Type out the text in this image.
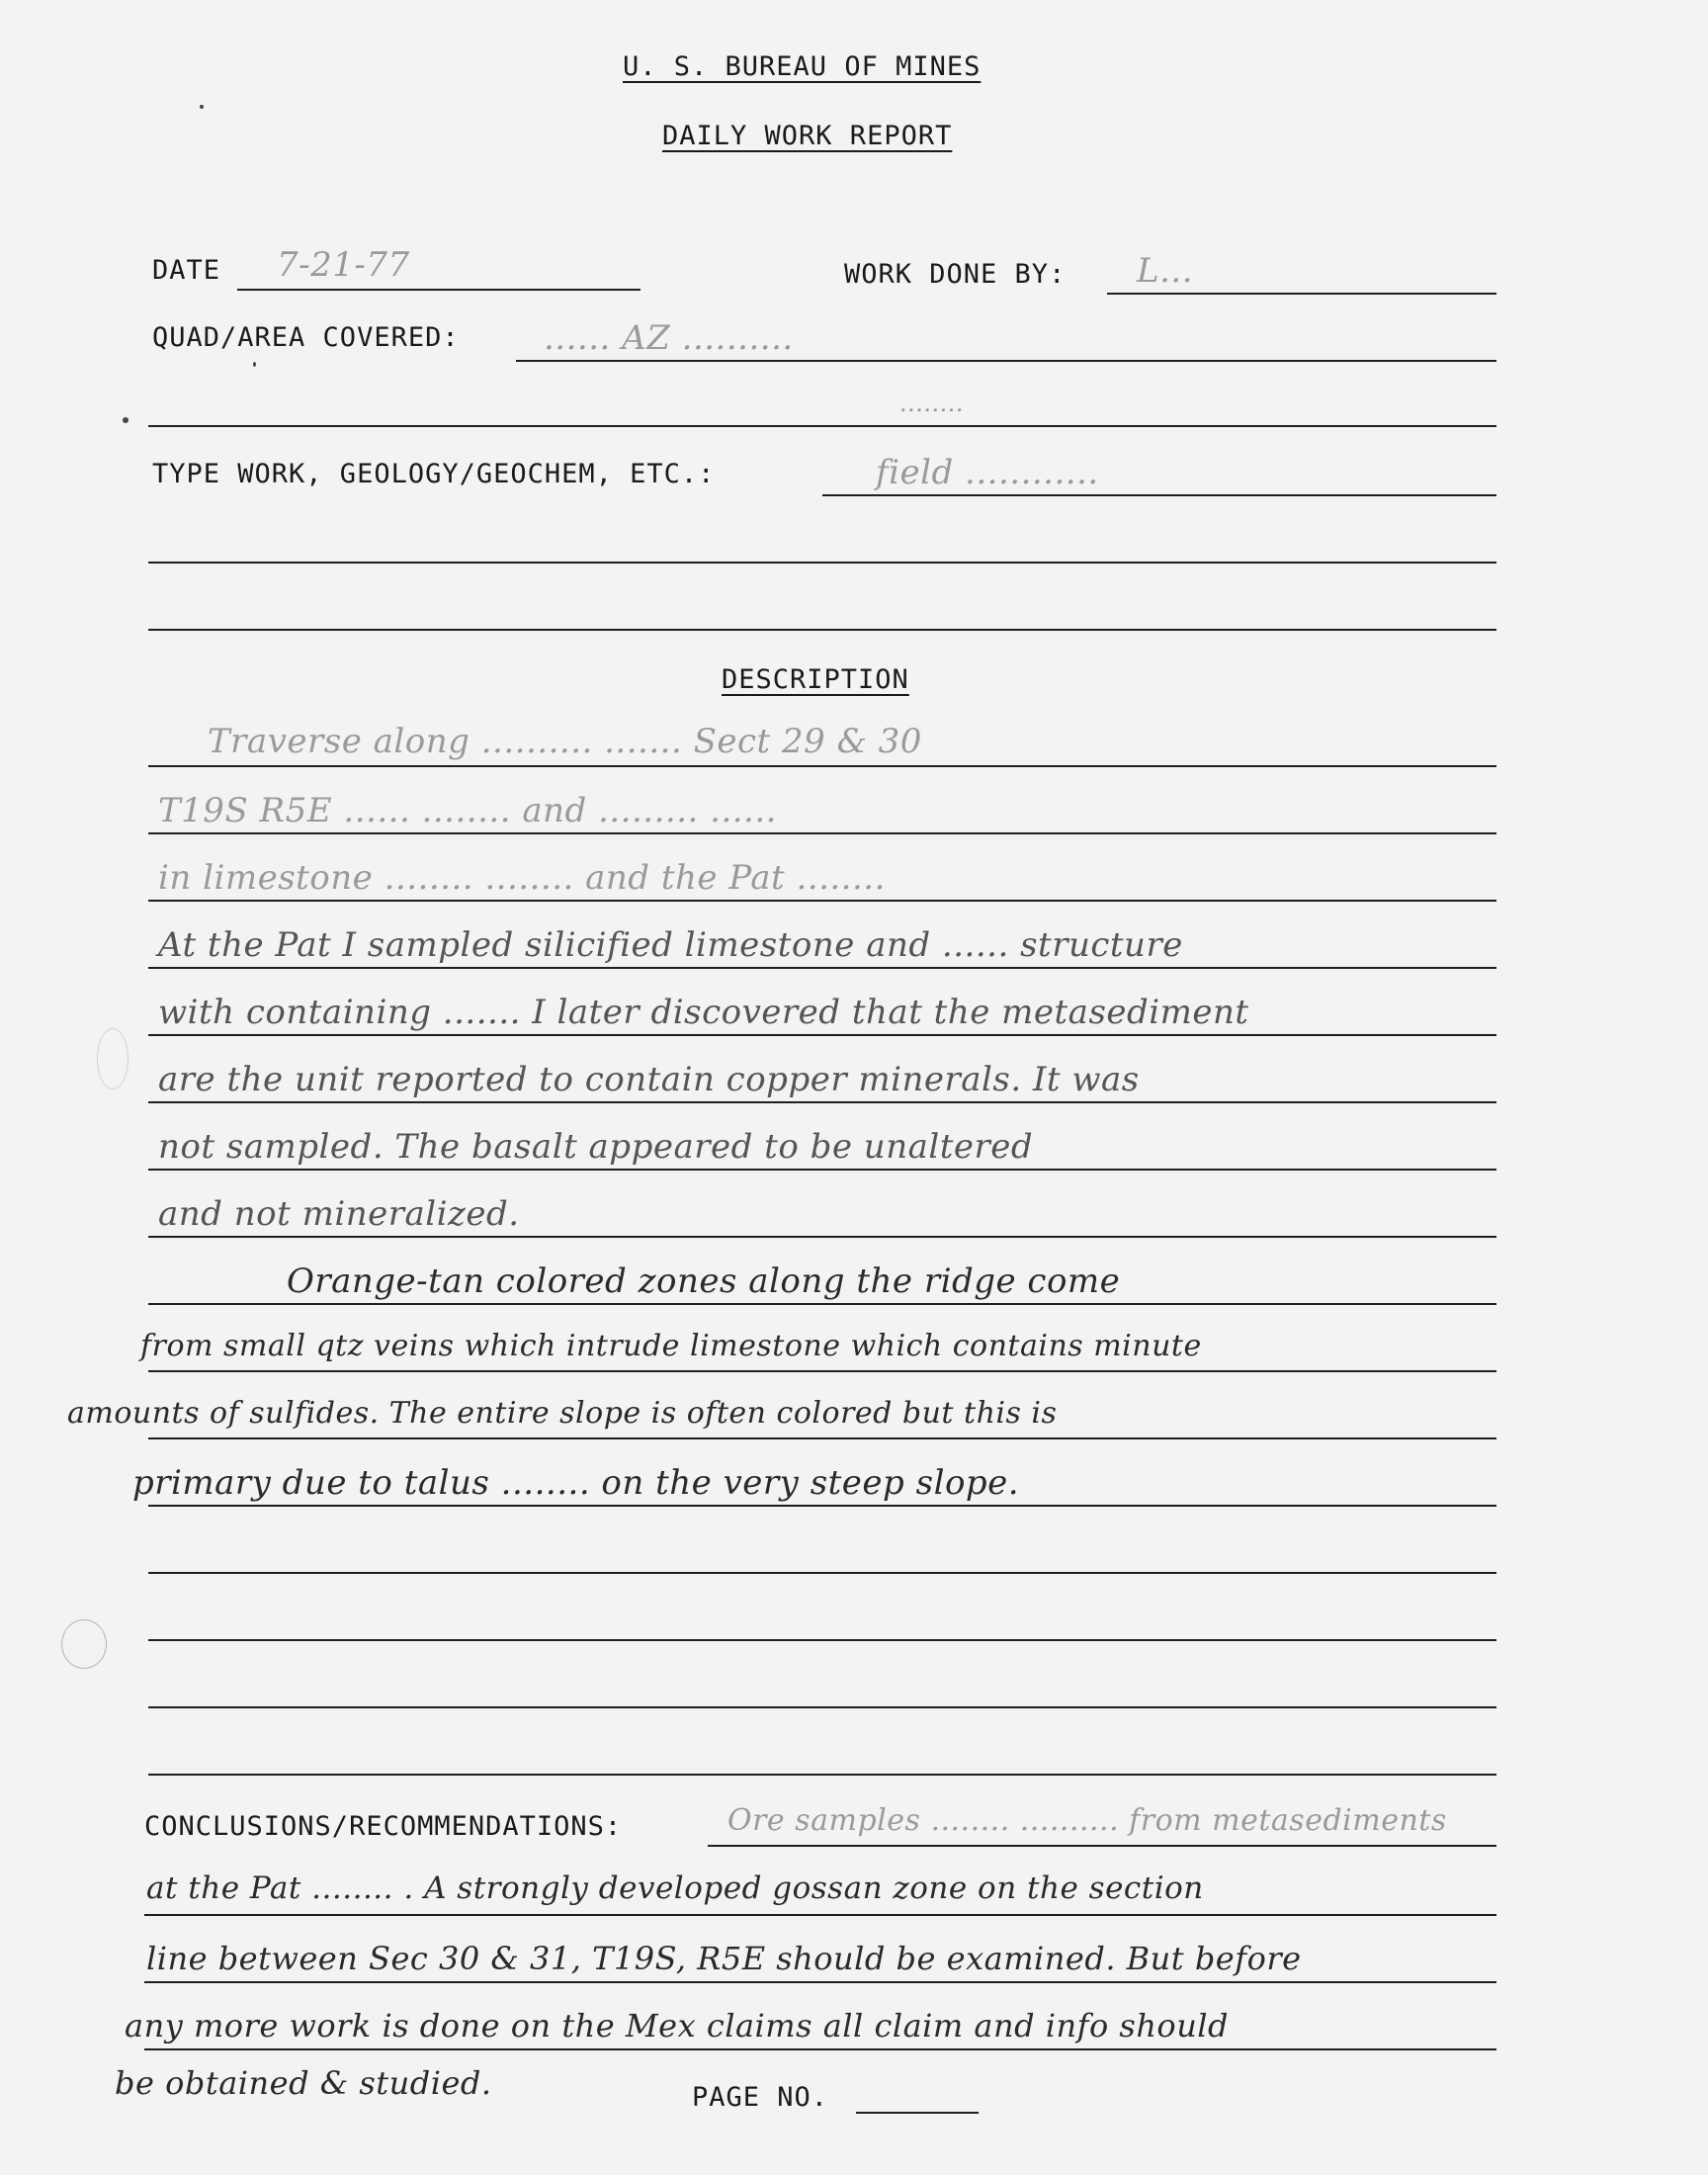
U. S. BUREAU OF MINES
DAILY WORK REPORT
DATE 7-21-77	WORK DONE BY: L...
QUAD/AREA COVERED:	...... AZ ..........
........
TYPE WORK, GEOLOGY/GEOCHEM, ETC.:	field ............
DESCRIPTION
Traverse along .......... ....... Sect 29 & 30
T19S R5E ...... ........ and ......... ......
in limestone ........ ........ and the Pat ........
At the Pat I sampled silicified limestone and ...... structure
with containing ....... I later discovered that the metasediment
are the unit reported to contain copper minerals. It was
not sampled. The basalt appeared to be unaltered
and not mineralized.
Orange-tan colored zones along the ridge come
from small qtz veins which intrude limestone which contains minute
amounts of sulfides. The entire slope is often colored but this is
primary due to talus ........ on the very steep slope.
CONCLUSIONS/RECOMMENDATIONS:	Ore samples ........ .......... from metasediments
at the Pat ........ . A strongly developed gossan zone on the section
line between Sec 30 & 31, T19S, R5E should be examined. But before
any more work is done on the Mex claims all claim and info should
be obtained & studied.	PAGE NO.
